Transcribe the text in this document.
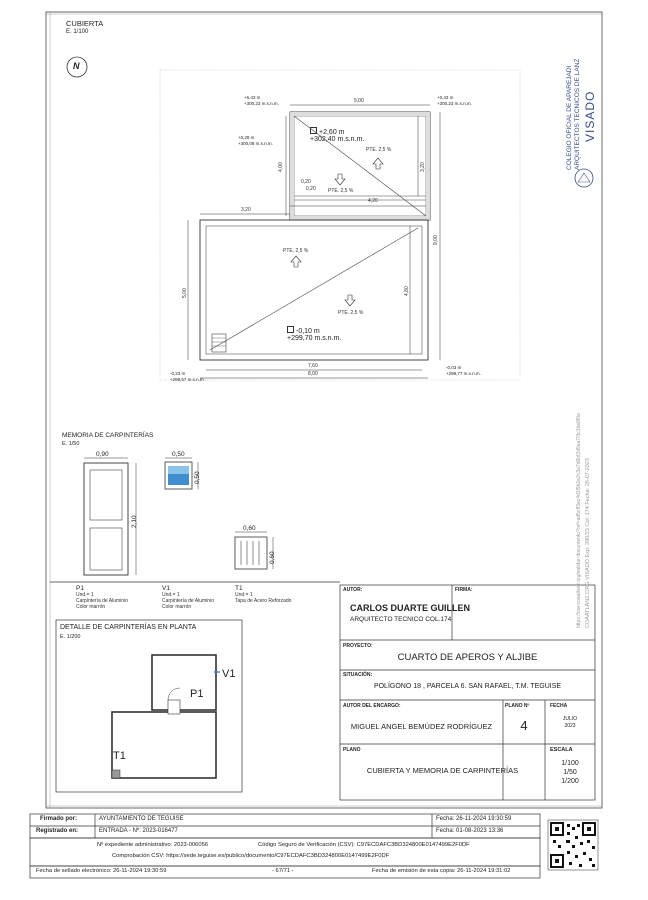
CUBIERTA
E. 1/100
N
5,00
4,00	3,20
0,20
0,20
4,20
3,20
9,00
5,00	4,80
7,60
8,00
PTE. 2,5 %
PTE. 2,5 %
PTE. 2,5 %
PTE. 2,5 %
+2,60 m
+302,40 m.s.n.m.
-0,10 m
+299,70 m.s.n.m.
+6,43 m
+300,23 m.s.n.m.
+0,43 m
+300,23 m.s.n.m.
+0,28 m
+300,08 m.s.n.m.
-0,23 m
+299,57 m.s.n.m.
-0,03 m
+299,77 m.s.n.m.
COLEGIO OFICIAL DE APAREJADI ARQUITECTOS TECNICOS DE LANZ VISADO
https://csv.coaatlanz.org/validar-documento?ref=ad5cff3ac4d1f9b1e2c3a7d6bf2d9ea7f3c1be8f0a COAATLANZ.ORG VISADO Exp: 280/23 Col: 174 Fecha: 28-07-2023
MEMORIA DE CARPINTERÍAS
E. 1/50
0,90
2,10
0,50
0,50
0,60
0,60
P1
Und.= 1
Carpintería de Aluminio
Color marrón
V1
Und.= 1
Carpintería de Aluminio
Color marrón
T1
Und.= 1
Tapa de Acero Reforzado
DETALLE DE CARPINTERÍAS EN PLANTA
E. 1/200
V1
P1
T1
AUTOR:	FIRMA:
CARLOS DUARTE GUILLEN
ARQUITECTO TECNICO COL.174
PROYECTO:
CUARTO DE APEROS Y ALJIBE
SITUACIÓN:
POLÍGONO 18 , PARCELA 6. SAN RAFAEL, T.M. TEGUISE
AUTOR DEL ENCARGO:
MIGUEL ANGEL BEMÚDEZ RODRÍGUEZ
PLANO Nº
4
FECHA
JULIO
2023
PLANO
CUBIERTA Y MEMORIA DE CARPINTERÍAS
ESCALA
1/100
1/50
1/200
Firmado por:	AYUNTAMIENTO DE TEGUISE	Fecha: 26-11-2024 19:30:59
Registrado en:	ENTRADA - Nº: 2023-016477	Fecha: 01-08-2023 13:36
Nº expediente administrativo: 2023-006056	Código Seguro de Verificación (CSV): C97ECDAFC3BD324800E0147499E2F0DF
Comprobación CSV: https://sede.teguise.es/publico/documento/C97ECDAFC3BD324800E0147499E2F0DF
Fecha de sellado electrónico: 26-11-2024 19:30:59	- 67/71 -	Fecha de emisión de esta copia: 26-11-2024 19:31:02
